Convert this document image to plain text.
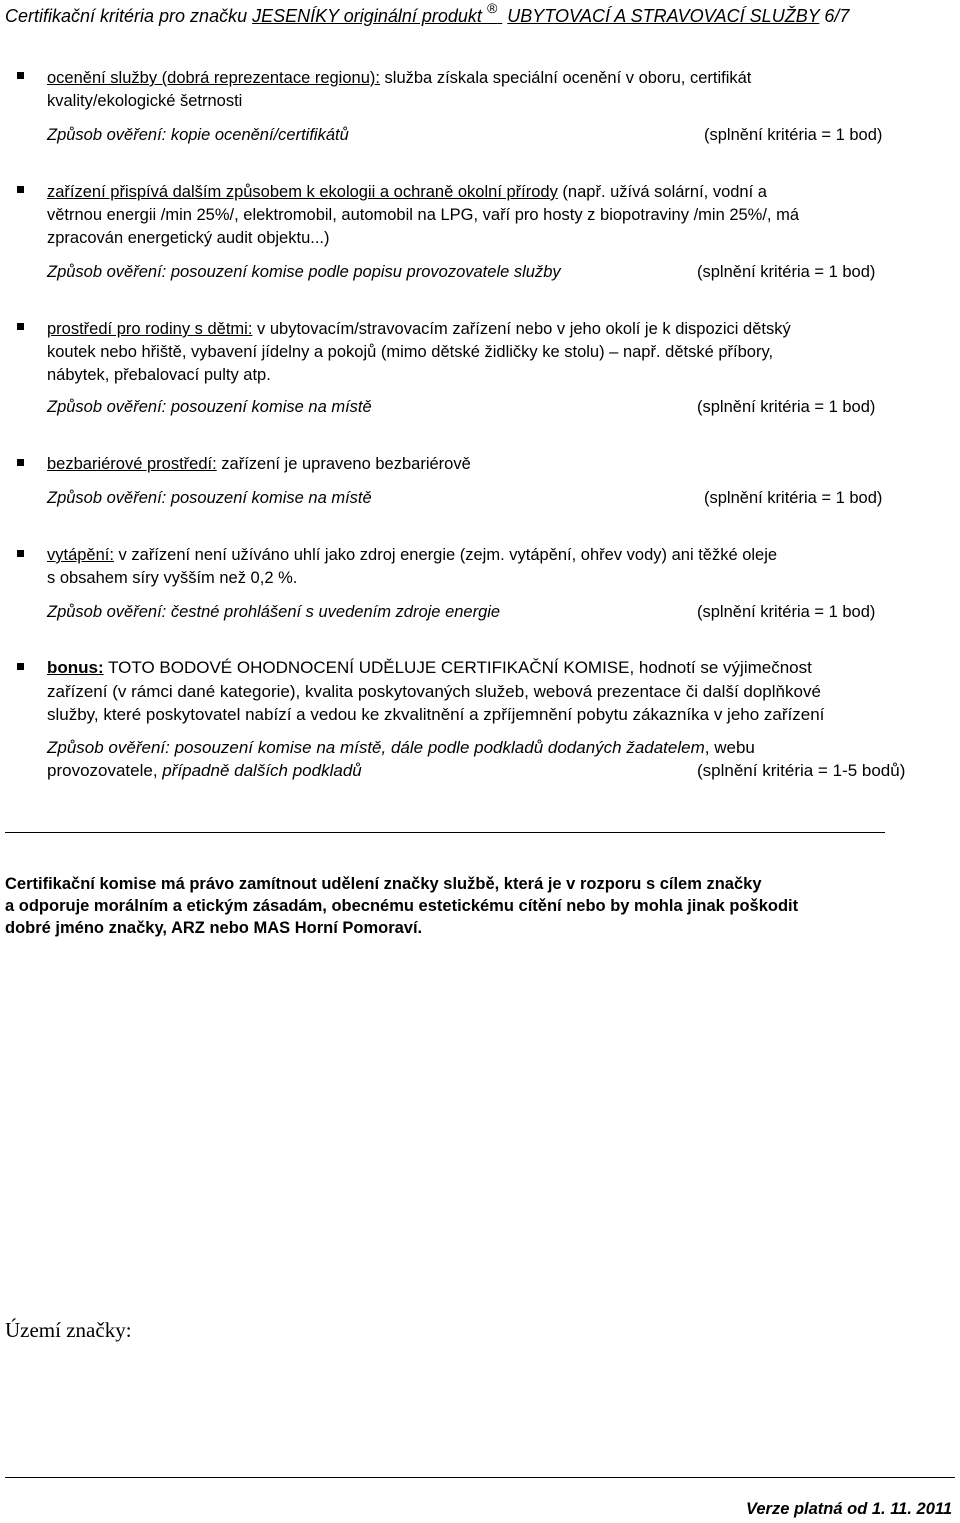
Certifikační kritéria pro značku JESENÍKY originální produkt ® UBYTOVACÍ A STRAVOVACÍ SLUŽBY 6/7
ocenění služby (dobrá reprezentace regionu): služba získala speciální ocenění v oboru, certifikát
kvality/ekologické šetrnosti
Způsob ověření: kopie ocenění/certifikátů	(splnění kritéria = 1 bod)
zařízení přispívá dalším způsobem k ekologii a ochraně okolní přírody (např. užívá solární, vodní a
větrnou energii /min 25%/, elektromobil, automobil na LPG, vaří pro hosty z biopotraviny /min 25%/, má
zpracován energetický audit objektu...)
Způsob ověření: posouzení komise podle popisu provozovatele služby	(splnění kritéria = 1 bod)
prostředí pro rodiny s dětmi: v ubytovacím/stravovacím zařízení nebo v jeho okolí je k dispozici dětský
koutek nebo hřiště, vybavení jídelny a pokojů (mimo dětské židličky ke stolu) – např. dětské příbory,
nábytek, přebalovací pulty atp.
Způsob ověření: posouzení komise na místě	(splnění kritéria = 1 bod)
bezbariérové prostředí: zařízení je upraveno bezbariérově
Způsob ověření: posouzení komise na místě	(splnění kritéria = 1 bod)
vytápění: v zařízení není užíváno uhlí jako zdroj energie (zejm. vytápění, ohřev vody) ani těžké oleje
s obsahem síry vyšším než 0,2 %.
Způsob ověření: čestné prohlášení s uvedením zdroje energie	(splnění kritéria = 1 bod)
bonus: TOTO BODOVÉ OHODNOCENÍ UDĚLUJE CERTIFIKAČNÍ KOMISE, hodnotí se výjimečnost
zařízení (v rámci dané kategorie), kvalita poskytovaných služeb, webová prezentace či další doplňkové
služby, které poskytovatel nabízí a vedou ke zkvalitnění a zpříjemnění pobytu zákazníka v jeho zařízení
Způsob ověření: posouzení komise na místě, dále podle podkladů dodaných žadatelem, webu
provozovatele, případně dalších podkladů	(splnění kritéria = 1-5 bodů)
Certifikační komise má právo zamítnout udělení značky službě, která je v rozporu s cílem značky
a odporuje morálním a etickým zásadám, obecnému estetickému cítění nebo by mohla jinak poškodit
dobré jméno značky, ARZ nebo MAS Horní Pomoraví.
Území značky:
Verze platná od 1. 11. 2011
